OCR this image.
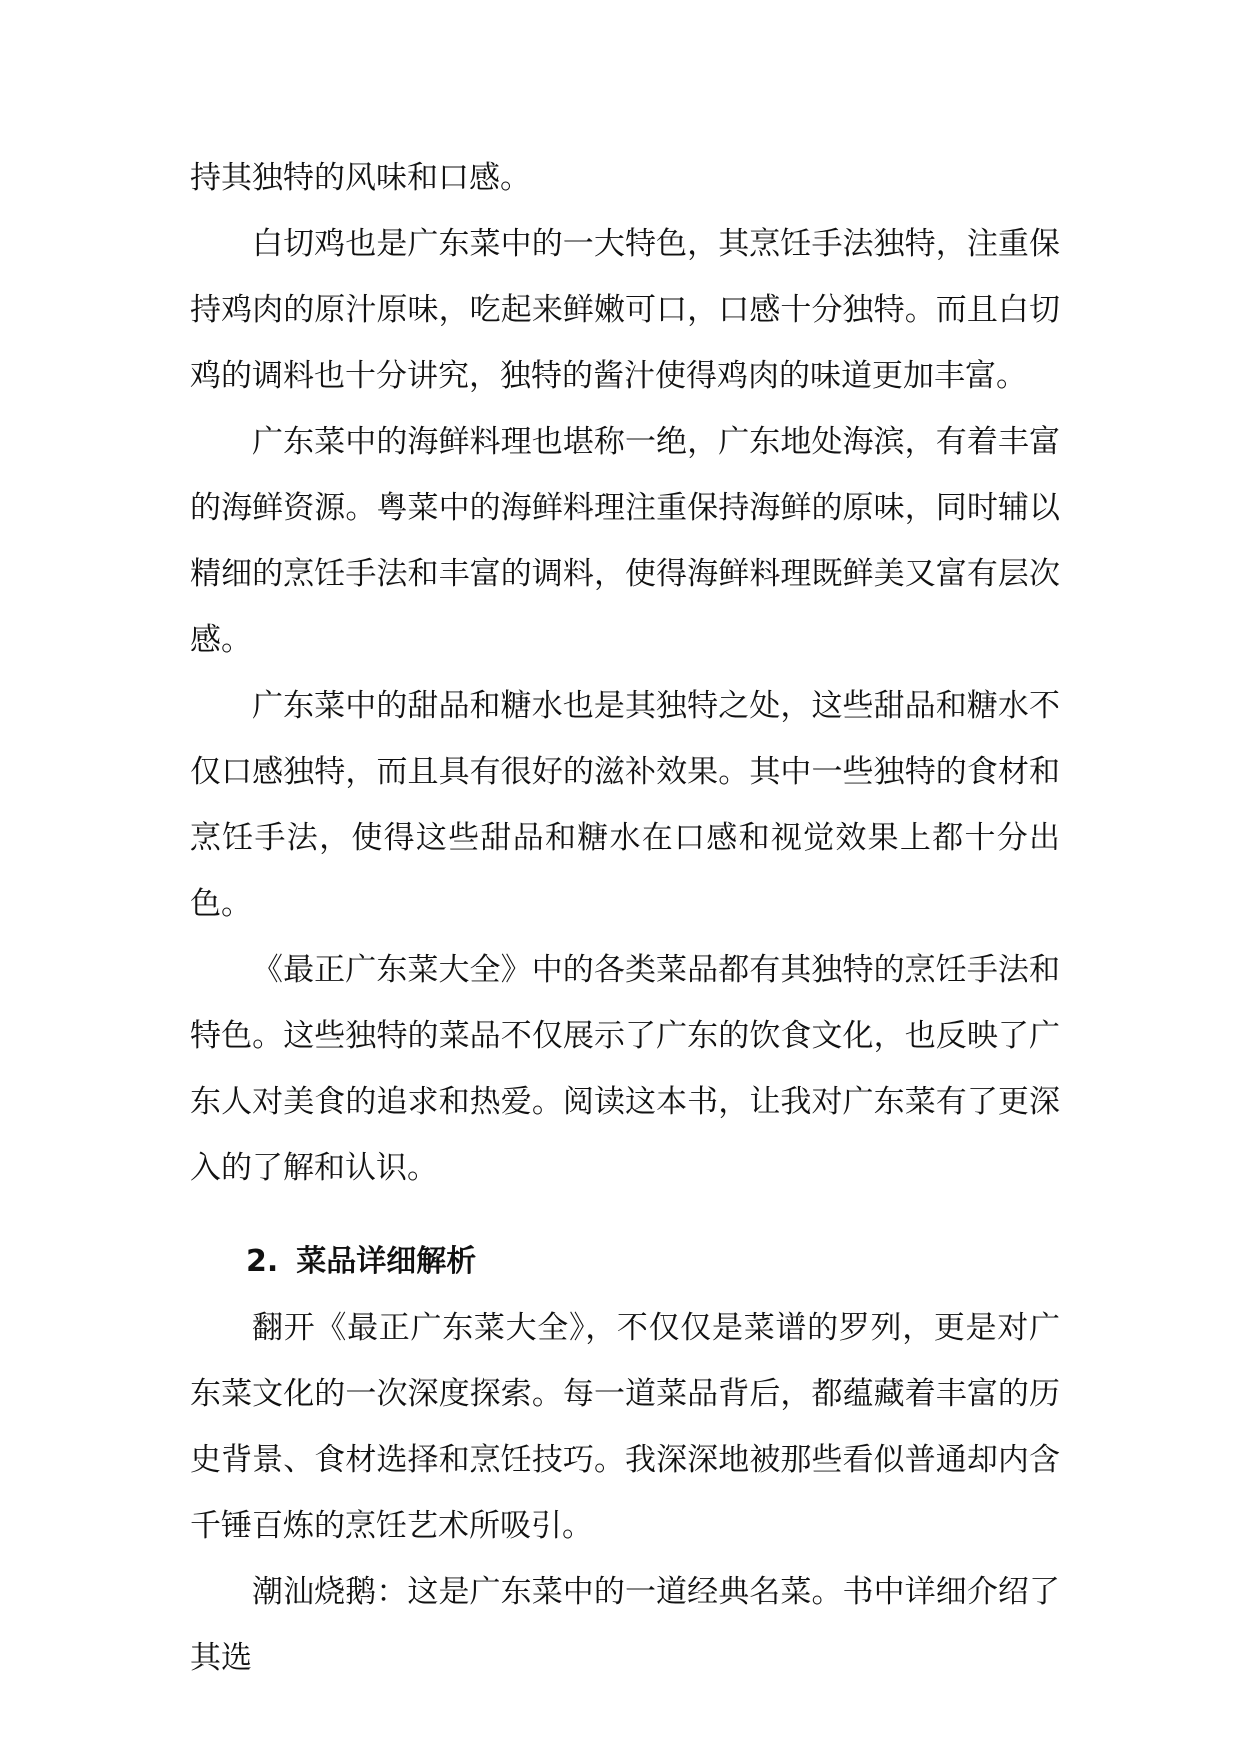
持其独特的风味和口感。

白切鸡也是广东菜中的一大特色，其烹饪手法独特，注重保持鸡肉的原汁原味，吃起来鲜嫩可口，口感十分独特。而且白切鸡的调料也十分讲究，独特的酱汁使得鸡肉的味道更加丰富。

广东菜中的海鲜料理也堪称一绝，广东地处海滨，有着丰富的海鲜资源。粤菜中的海鲜料理注重保持海鲜的原味，同时辅以精细的烹饪手法和丰富的调料，使得海鲜料理既鲜美又富有层次感。

广东菜中的甜品和糖水也是其独特之处，这些甜品和糖水不仅口感独特，而且具有很好的滋补效果。其中一些独特的食材和烹饪手法，使得这些甜品和糖水在口感和视觉效果上都十分出色。

《最正广东菜大全》中的各类菜品都有其独特的烹饪手法和特色。这些独特的菜品不仅展示了广东的饮食文化，也反映了广东人对美食的追求和热爱。阅读这本书，让我对广东菜有了更深入的了解和认识。

2. 菜品详细解析

翻开《最正广东菜大全》，不仅仅是菜谱的罗列，更是对广东菜文化的一次深度探索。每一道菜品背后，都蕴藏着丰富的历史背景、食材选择和烹饪技巧。我深深地被那些看似普通却内含千锤百炼的烹饪艺术所吸引。

潮汕烧鹅：这是广东菜中的一道经典名菜。书中详细介绍了其选
